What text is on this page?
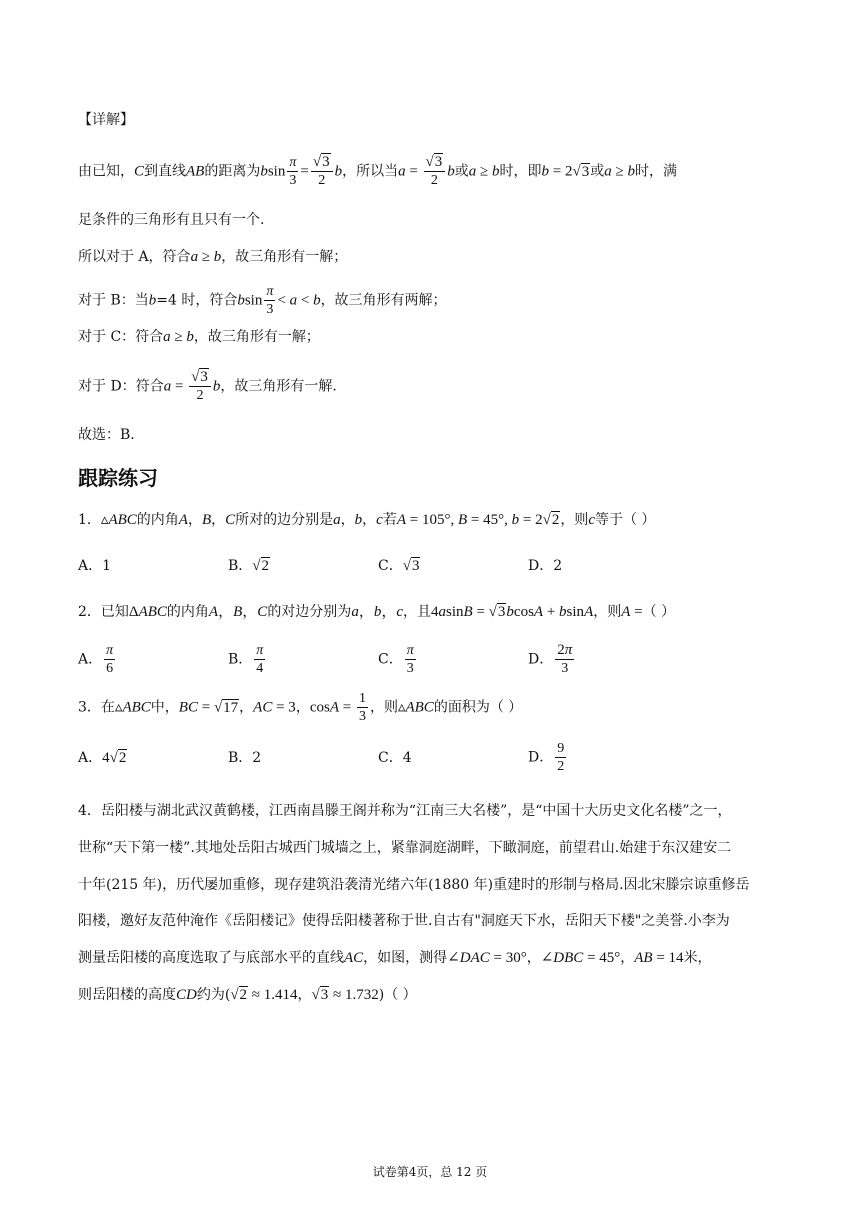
【详解】
由已知，C到直线AB的距离为bsin $\frac{\pi}{3} = \frac{√3}{2}$ b，所以当$a = \frac{√3}{2}$ b或a ≥ b时，即b = 2√3或a ≥ b时，满
足条件的三角形有且只有一个.
所以对于 A，符合a ≥ b，故三角形有一解；
对于 B：当b=4 时，符合bsin $\frac{\pi}{3} < a < b$，故三角形有两解；
对于 C：符合a ≥ b，故三角形有一解；
对于 D：符合$a = \frac{√3}{2}$ b，故三角形有一解.
故选：B.
跟踪练习
1．▵ABC的内角A，B，C所对的边分别是a，b，c若A = 105°, B = 45°, b = 2√2，则c等于（ ）
A．1	B．√2	C．√3	D．2
2．已知ΔABC的内角A，B，C的对边分别为a，b，c，且4asinB = √3bcosA + bsinA，则A =（ ）
A． $\frac{\pi}{6}$	B． $\frac{\pi}{4}$	C． $\frac{\pi}{3}$	D． $\frac{2\pi}{3}$
3．在▵ABC中，BC = √17，AC = 3，$\cos A = \frac{1}{3}$ ，则▵ABC的面积为（ ）
A．4√2	B．2	C．4	D． $\frac{9}{2}$
4．岳阳楼与湖北武汉黄鹤楼，江西南昌滕王阁并称为“江南三大名楼”，是“中国十大历史文化名楼”之一，
世称“天下第一楼”.其地处岳阳古城西门城墙之上，紧靠洞庭湖畔，下瞰洞庭，前望君山.始建于东汉建安二
十年(215 年)，历代屡加重修，现存建筑沿袭清光绪六年(1880 年)重建时的形制与格局.因北宋滕宗谅重修岳
阳楼，邀好友范仲淹作《岳阳楼记》使得岳阳楼著称于世.自古有"洞庭天下水，岳阳天下楼"之美誉.小李为
测量岳阳楼的高度选取了与底部水平的直线AC，如图，测得∠DAC = 30°，∠DBC = 45°，AB = 14米，
则岳阳楼的高度CD约为(√2 ≈ 1.414，√3 ≈ 1.732)（ ）
试卷第4页，总 12 页
